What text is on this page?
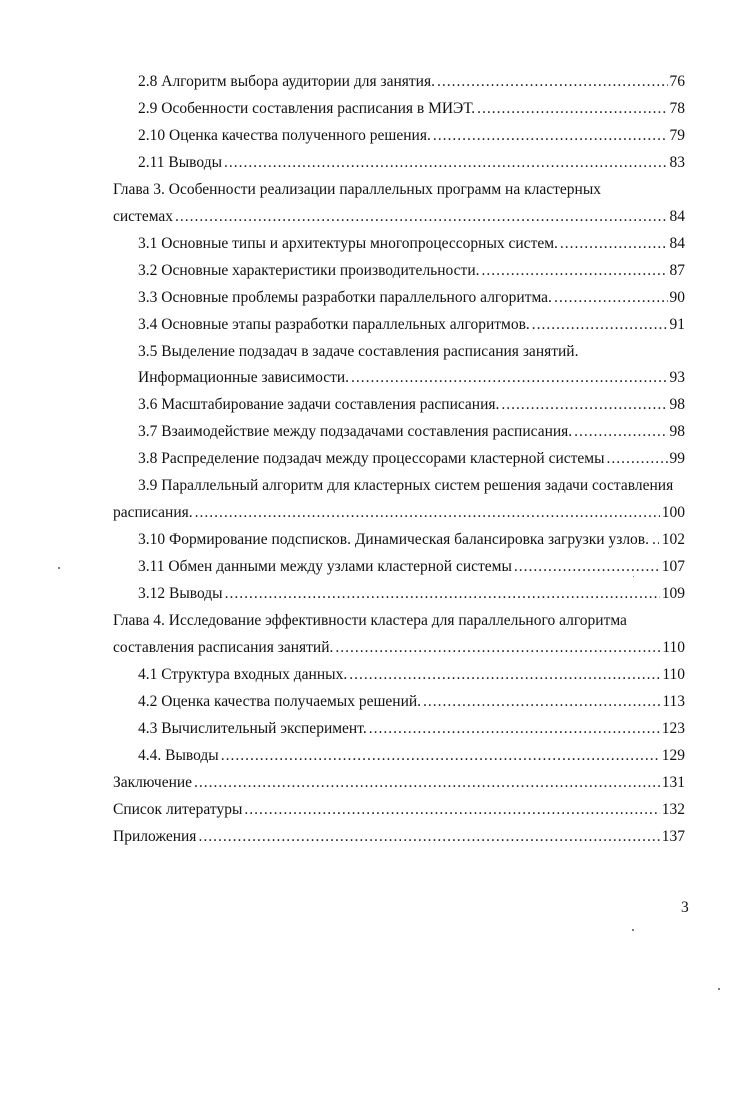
2.8 Алгоритм выбора аудитории для занятия. .....	76
2.9 Особенности составления расписания в МИЭТ. .....	78
2.10 Оценка качества полученного решения. .....	79
2.11 Выводы .....	83
Глава 3. Особенности реализации параллельных программ на кластерных
системах .....	84
3.1 Основные типы и архитектуры многопроцессорных систем. .....	84
3.2 Основные характеристики производительности. .....	87
3.3 Основные проблемы разработки параллельного алгоритма. .....	90
3.4 Основные этапы разработки параллельных алгоритмов. .....	91
3.5 Выделение подзадач в задаче составления расписания занятий.
Информационные зависимости. .....	93
3.6 Масштабирование задачи составления расписания. .....	98
3.7 Взаимодействие между подзадачами составления расписания. .....	98
3.8 Распределение подзадач между процессорами кластерной системы .....	99
3.9 Параллельный алгоритм для кластерных систем решения задачи составления
расписания. .....	100
3.10 Формирование подсписков. Динамическая балансировка загрузки узлов. ..... 102
3.11 Обмен данными между узлами кластерной системы .....	107
3.12 Выводы .....	109
Глава 4. Исследование эффективности кластера для параллельного алгоритма
составления расписания занятий. .....	110
4.1 Структура входных данных. .....	110
4.2 Оценка качества получаемых решений. .....	113
4.3 Вычислительный эксперимент. .....	123
4.4. Выводы .....	129
Заключение .....	131
Список литературы .....	132
Приложения .....	137
3
